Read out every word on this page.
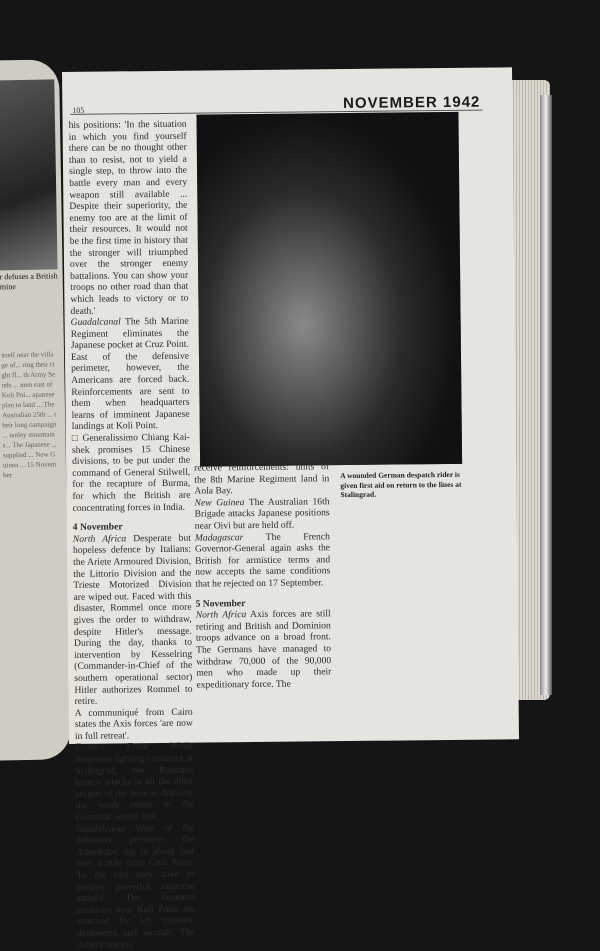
r defuses a British mine
itself near the village of... ring their right fl... th Army Sends ... men east of Koli Poi... apanese plan to land ... The Australian 25th ... their long campaign ... tanley mountains... The Japanese ... supplied ... New Guinea ... 15 November
105	NOVEMBER 1942

his positions: 'In the situation in which you find yourself there can be no thought other than to resist, not to yield a single step, to throw into the battle every man and every weapon still available ... Despite their superiority, the enemy too are at the limit of their resources. It would not be the first time in history that the stronger will triumphed over the stronger enemy battalions. You can show your troops no other road than that which leads to victory or to death.'

Guadalcanal The 5th Marine Regiment eliminates the Japanese pocket at Cruz Point. East of the defensive perimeter, however, the Americans are forced back. Reinforcements are sent to them when headquarters learns of imminent Japanese landings at Koli Point.

□ Generalissimo Chiang Kai-shek promises 15 Chinese divisions, to be put under the command of General Stilwell, for the recapture of Burma, for which the British are concentrating forces in India.

4 November

North Africa Desperate but hopeless defence by Italians: the Ariete Armoured Division, the Littorio Division and the Trieste Motorized Division are wiped out. Faced with this disaster, Rommel once more gives the order to withdraw, despite Hitler's message. During the day, thanks to intervention by Kesselring (Commander-in-Chief of the southern operational sector) Hitler authorizes Rommel to retire.

A communiqué from Cairo states the Axis forces 'are now in full retreat'.

Eastern Front While desperate fighting continues at Stalingrad, the Russians launch attacks in all the other sectors of the front to discover the weak points in the Germans' winter line.

Guadalcanal West of the defensive perimeter the Americans dig in about just over a mile from Cruz Point. To the east they have to contain powerful Japanese attacks. The Japanese positions near Koli Point are attacked by US cruisers, destroyers and aircraft. The Americans too

receive reinforcements: units of the 8th Marine Regiment land in Aola Bay.

New Guinea The Australian 16th Brigade attacks Japanese positions near Oivi but are held off.

Madagascar The French Governor-General again asks the British for armistice terms and now accepts the same conditions that he rejected on 17 September.

5 November

North Africa Axis forces are still retiring and British and Dominion troops advance on a broad front. The Germans have managed to withdraw 70,000 of the 90,000 men who made up their expeditionary force. The

A wounded German despatch rider is given first aid on return to the lines at Stalingrad.
